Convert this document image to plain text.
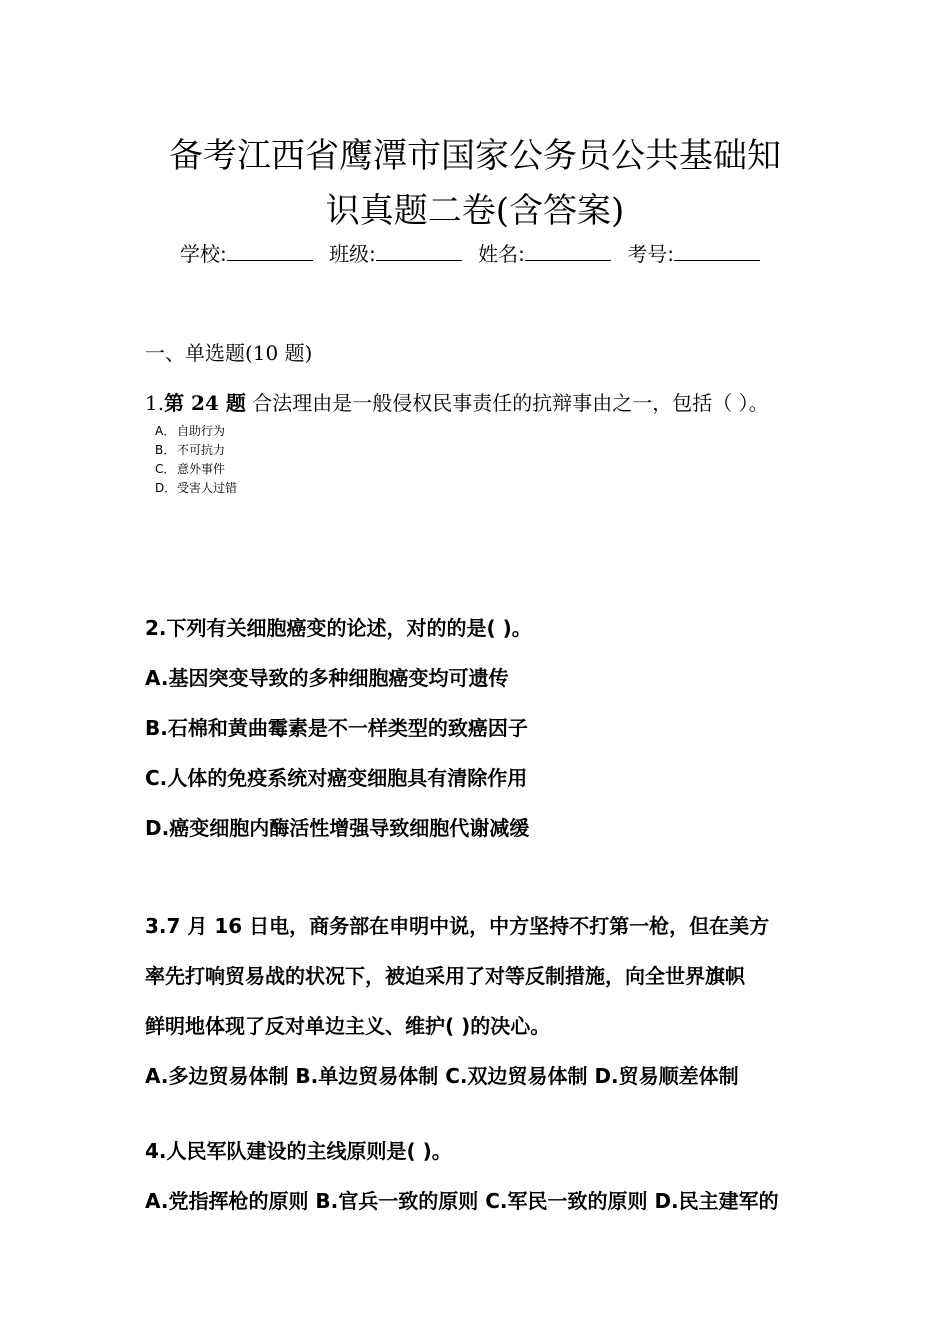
备考江西省鹰潭市国家公务员公共基础知
识真题二卷(含答案)
学校:	班级:	姓名:	考号:
一、单选题(10 题)
1.第 24 题 合法理由是一般侵权民事责任的抗辩事由之一，包括（ ）。
A． 自助行为
B． 不可抗力
C． 意外事件
D．受害人过错
2.下列有关细胞癌变的论述，对的的是( )。
A.基因突变导致的多种细胞癌变均可遗传
B.石棉和黄曲霉素是不一样类型的致癌因子
C.人体的免疫系统对癌变细胞具有清除作用
D.癌变细胞内酶活性增强导致细胞代谢减缓
3.7 月 16 日电，商务部在申明中说，中方坚持不打第一枪，但在美方
率先打响贸易战的状况下，被迫采用了对等反制措施，向全世界旗帜
鲜明地体现了反对单边主义、维护( )的决心。
A.多边贸易体制 B.单边贸易体制 C.双边贸易体制 D.贸易顺差体制
4.人民军队建设的主线原则是( )。
A.党指挥枪的原则 B.官兵一致的原则 C.军民一致的原则 D.民主建军的
